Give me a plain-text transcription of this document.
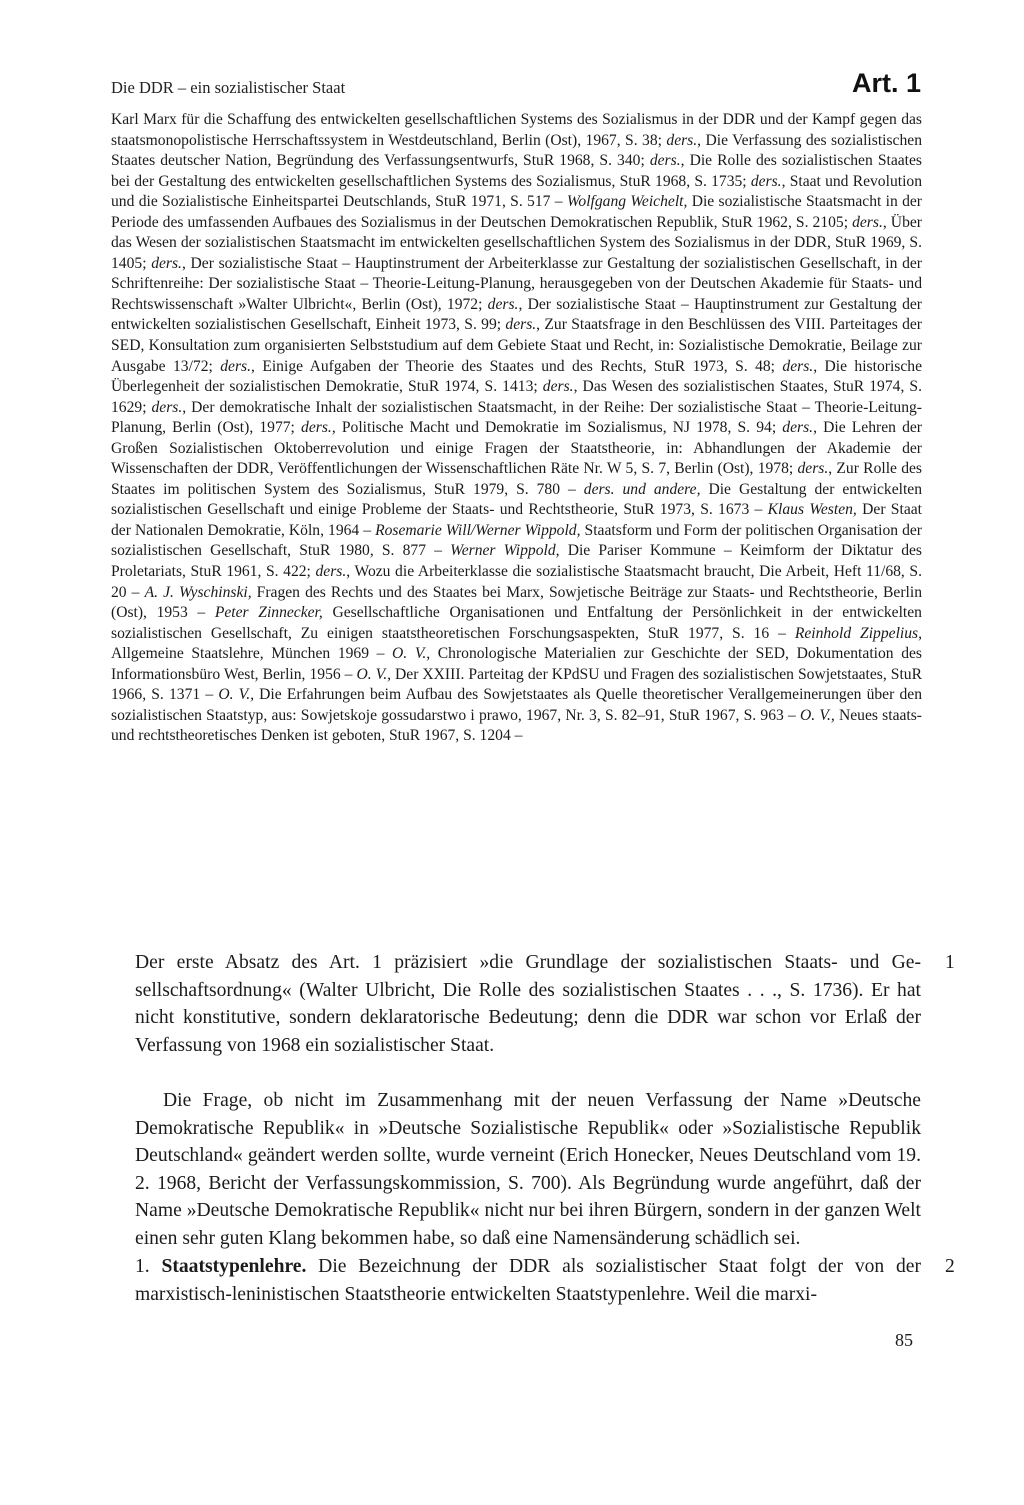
Die DDR – ein sozialistischer Staat	Art. 1

Karl Marx für die Schaffung des entwickelten gesellschaftlichen Systems des Sozialismus in der DDR und der Kampf gegen das staatsmonopolistische Herrschaftssystem in Westdeutschland, Berlin (Ost), 1967, S. 38; ders., Die Verfassung des sozialistischen Staates deutscher Nation, Begründung des Verfassungsentwurfs, StuR 1968, S. 340; ders., Die Rolle des sozialistischen Staates bei der Gestaltung des entwickelten gesellschaftlichen Systems des Sozialismus, StuR 1968, S. 1735; ders., Staat und Revolution und die Sozialistische Einheitspartei Deutschlands, StuR 1971, S. 517 – Wolfgang Weichelt, Die sozialistische Staatsmacht in der Periode des umfassenden Aufbaues des Sozialismus in der Deutschen Demokratischen Republik, StuR 1962, S. 2105; ders., Über das Wesen der sozialistischen Staatsmacht im entwickelten gesellschaftlichen System des Sozialismus in der DDR, StuR 1969, S. 1405; ders., Der sozialistische Staat – Hauptinstrument der Arbeiterklasse zur Gestaltung der sozialistischen Gesellschaft, in der Schriftenreihe: Der sozialistische Staat – Theorie-Leitung-Planung, herausgegeben von der Deutschen Akademie für Staats- und Rechtswissenschaft »Walter Ulbricht«, Berlin (Ost), 1972; ders., Der sozialistische Staat – Hauptinstrument zur Gestaltung der entwickelten sozialistischen Gesellschaft, Einheit 1973, S. 99; ders., Zur Staatsfrage in den Beschlüssen des VIII. Parteitages der SED, Konsultation zum organisierten Selbststudium auf dem Gebiete Staat und Recht, in: Sozialistische Demokratie, Beilage zur Ausgabe 13/72; ders., Einige Aufgaben der Theorie des Staates und des Rechts, StuR 1973, S. 48; ders., Die historische Überlegenheit der sozialistischen Demokratie, StuR 1974, S. 1413; ders., Das Wesen des sozialistischen Staates, StuR 1974, S. 1629; ders., Der demokratische Inhalt der sozialistischen Staatsmacht, in der Reihe: Der sozialistische Staat – Theorie-Leitung-Planung, Berlin (Ost), 1977; ders., Politische Macht und Demokratie im Sozialismus, NJ 1978, S. 94; ders., Die Lehren der Großen Sozialistischen Oktoberrevolution und einige Fragen der Staatstheorie, in: Abhandlungen der Akademie der Wissenschaften der DDR, Veröffentlichungen der Wissenschaftlichen Räte Nr. W 5, S. 7, Berlin (Ost), 1978; ders., Zur Rolle des Staates im politischen System des Sozialismus, StuR 1979, S. 780 – ders. und andere, Die Gestaltung der entwickelten sozialistischen Gesellschaft und einige Probleme der Staats- und Rechtstheorie, StuR 1973, S. 1673 – Klaus Westen, Der Staat der Nationalen Demokratie, Köln, 1964 – Rosemarie Will/Werner Wippold, Staatsform und Form der politischen Organisation der sozialistischen Gesellschaft, StuR 1980, S. 877 – Werner Wippold, Die Pariser Kommune – Keimform der Diktatur des Proletariats, StuR 1961, S. 422; ders., Wozu die Arbeiterklasse die sozialistische Staatsmacht braucht, Die Arbeit, Heft 11/68, S. 20 – A. J. Wyschinski, Fragen des Rechts und des Staates bei Marx, Sowjetische Beiträge zur Staats- und Rechtstheorie, Berlin (Ost), 1953 – Peter Zinnecker, Gesellschaftliche Organisationen und Entfaltung der Persönlichkeit in der entwickelten sozialistischen Gesellschaft, Zu einigen staatstheoretischen Forschungsaspekten, StuR 1977, S. 16 – Reinhold Zippelius, Allgemeine Staatslehre, München 1969 – O. V., Chronologische Materialien zur Geschichte der SED, Dokumentation des Informationsbüro West, Berlin, 1956 – O. V., Der XXIII. Parteitag der KPdSU und Fragen des sozialistischen Sowjetstaates, StuR 1966, S. 1371 – O. V., Die Erfahrungen beim Aufbau des Sowjetstaates als Quelle theoretischer Verallgemeinerungen über den sozialistischen Staatstyp, aus: Sowjetskoje gossudarstwo i prawo, 1967, Nr. 3, S. 82–91, StuR 1967, S. 963 – O. V., Neues staats- und rechtstheoretisches Denken ist geboten, StuR 1967, S. 1204 –

Der erste Absatz des Art. 1 präzisiert »die Grundlage der sozialistischen Staats- und Gesellschaftsordnung« (Walter Ulbricht, Die Rolle des sozialistischen Staates . . ., S. 1736). Er hat nicht konstitutive, sondern deklaratorische Bedeutung; denn die DDR war schon vor Erlaß der Verfassung von 1968 ein sozialistischer Staat.

1

Die Frage, ob nicht im Zusammenhang mit der neuen Verfassung der Name »Deutsche Demokratische Republik« in »Deutsche Sozialistische Republik« oder »Sozialistische Republik Deutschland« geändert werden sollte, wurde verneint (Erich Honecker, Neues Deutschland vom 19. 2. 1968, Bericht der Verfassungskommission, S. 700). Als Begründung wurde angeführt, daß der Name »Deutsche Demokratische Republik« nicht nur bei ihren Bürgern, sondern in der ganzen Welt einen sehr guten Klang bekommen habe, so daß eine Namensänderung schädlich sei.

1. Staatstypenlehre. Die Bezeichnung der DDR als sozialistischer Staat folgt der von der marxistisch-leninistischen Staatstheorie entwickelten Staatstypenlehre. Weil die marxi-

2
85
